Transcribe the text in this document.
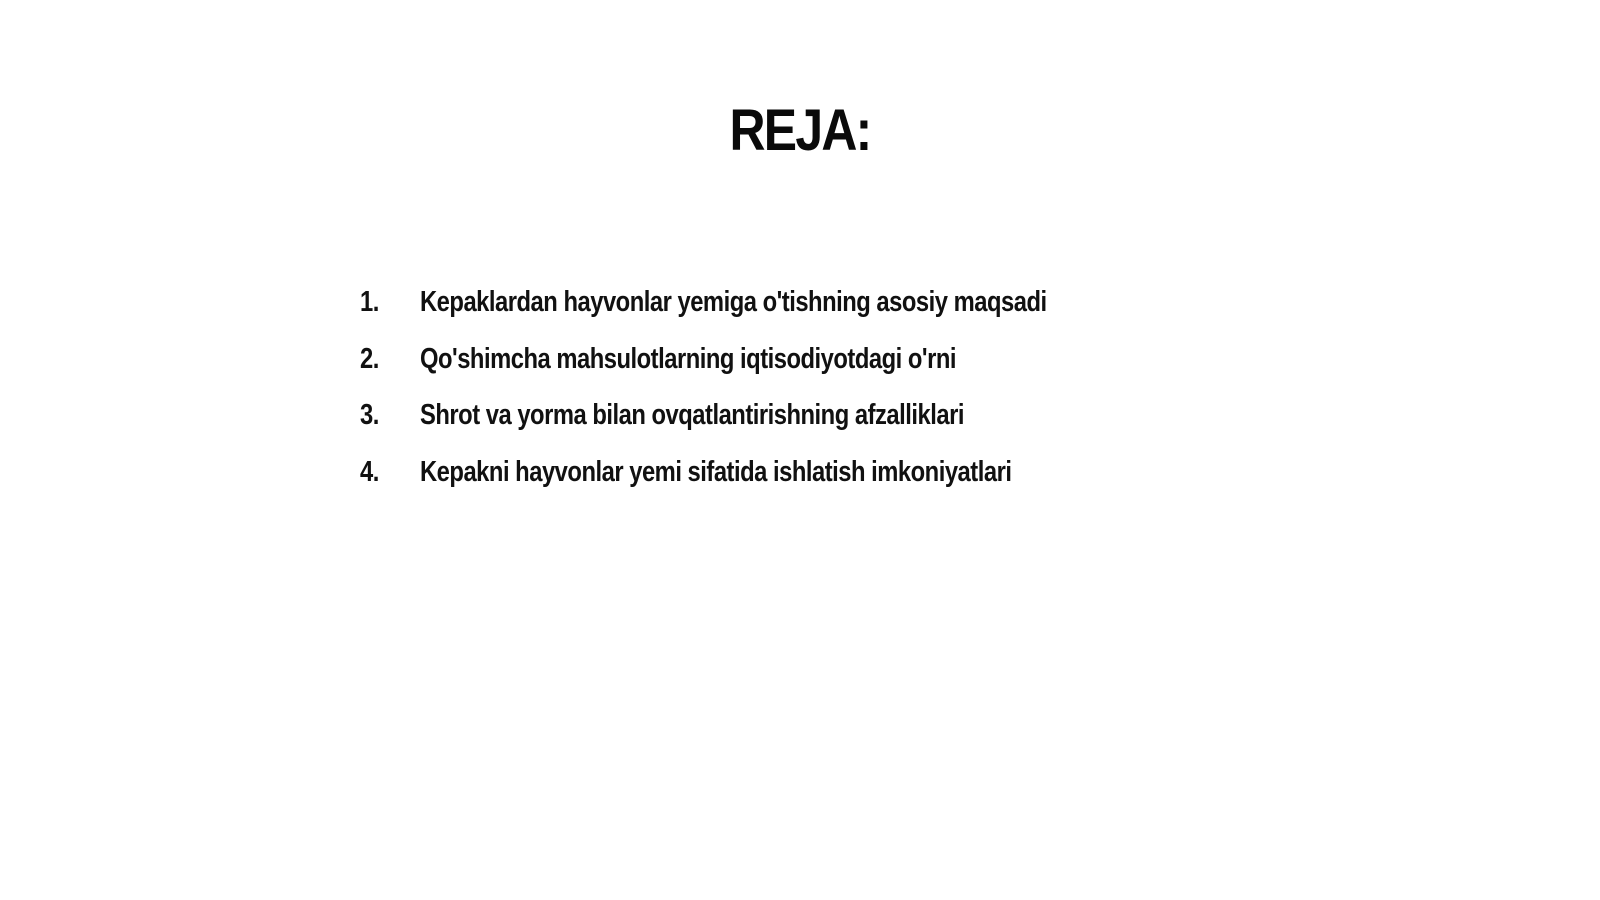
REJA:
1.	Kepaklardan hayvonlar yemiga o'tishning asosiy maqsadi
2.	Qo'shimcha mahsulotlarning iqtisodiyotdagi o'rni
3.	Shrot va yorma bilan ovqatlantirishning afzalliklari
4.	Kepakni hayvonlar yemi sifatida ishlatish imkoniyatlari
